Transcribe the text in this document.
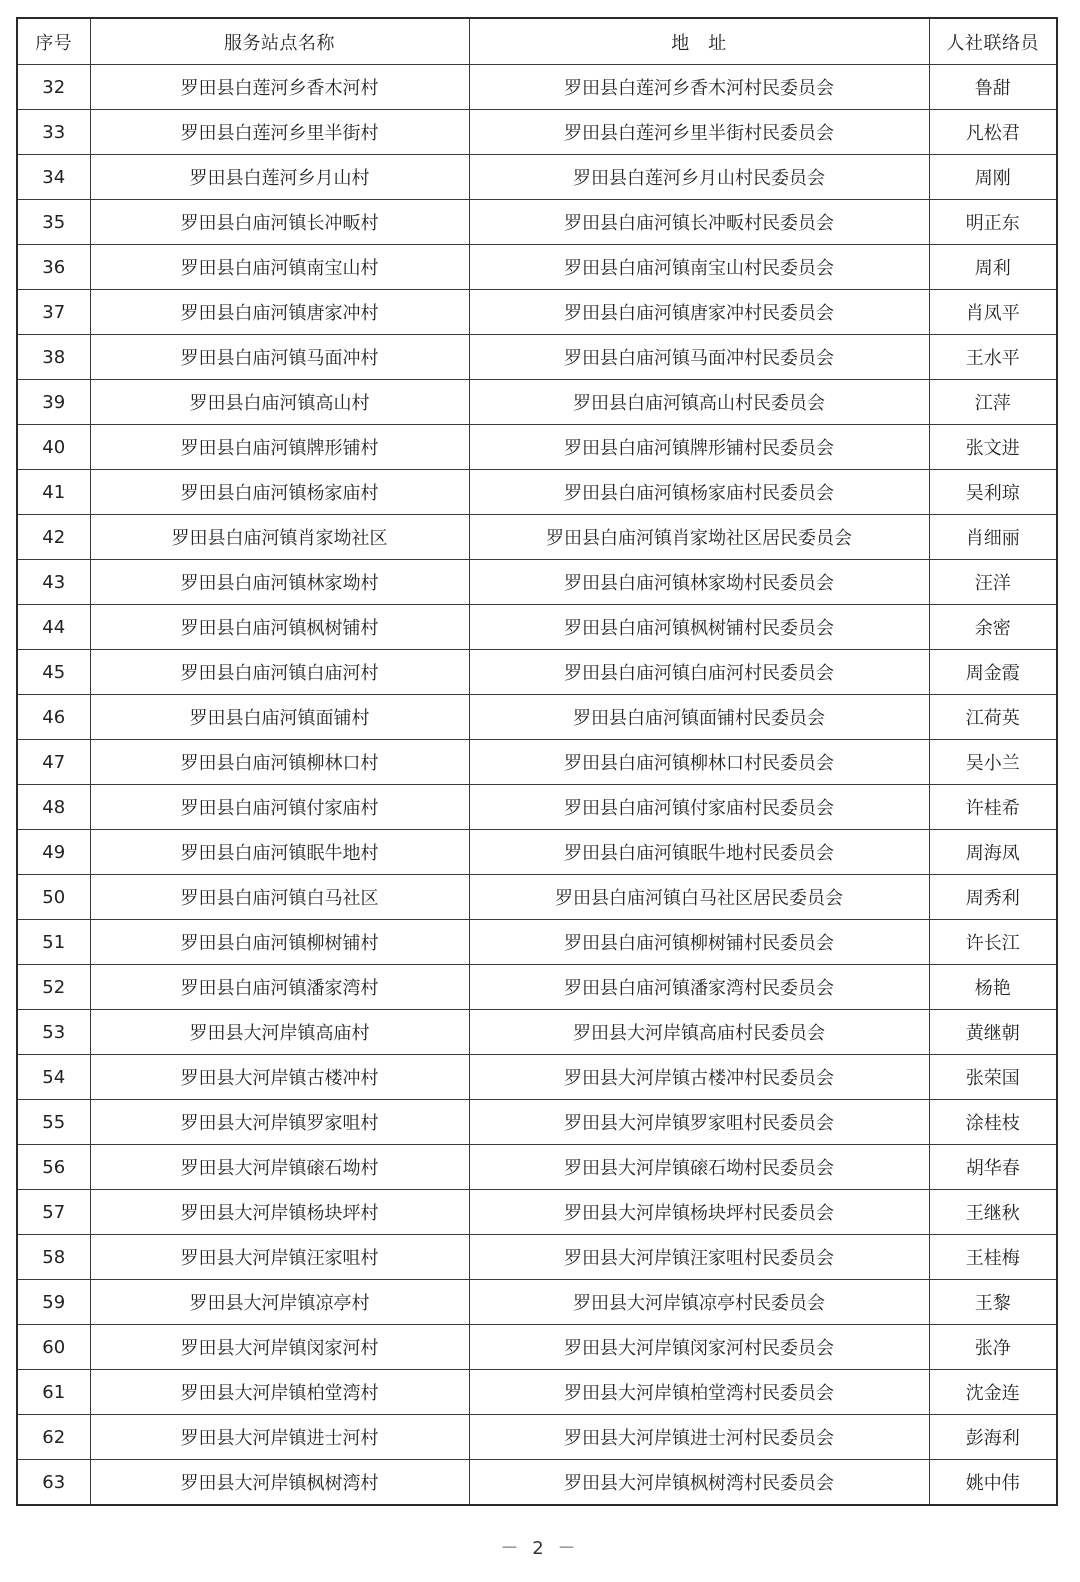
序号	服务站点名称	地　址	人社联络员
32	罗田县白莲河乡香木河村	罗田县白莲河乡香木河村民委员会	鲁甜
33	罗田县白莲河乡里半街村	罗田县白莲河乡里半街村民委员会	凡松君
34	罗田县白莲河乡月山村	罗田县白莲河乡月山村民委员会	周刚
35	罗田县白庙河镇长冲畈村	罗田县白庙河镇长冲畈村民委员会	明正东
36	罗田县白庙河镇南宝山村	罗田县白庙河镇南宝山村民委员会	周利
37	罗田县白庙河镇唐家冲村	罗田县白庙河镇唐家冲村民委员会	肖凤平
38	罗田县白庙河镇马面冲村	罗田县白庙河镇马面冲村民委员会	王水平
39	罗田县白庙河镇高山村	罗田县白庙河镇高山村民委员会	江萍
40	罗田县白庙河镇牌形铺村	罗田县白庙河镇牌形铺村民委员会	张文进
41	罗田县白庙河镇杨家庙村	罗田县白庙河镇杨家庙村民委员会	吴利琼
42	罗田县白庙河镇肖家坳社区	罗田县白庙河镇肖家坳社区居民委员会	肖细丽
43	罗田县白庙河镇林家坳村	罗田县白庙河镇林家坳村民委员会	汪洋
44	罗田县白庙河镇枫树铺村	罗田县白庙河镇枫树铺村民委员会	余密
45	罗田县白庙河镇白庙河村	罗田县白庙河镇白庙河村民委员会	周金霞
46	罗田县白庙河镇面铺村	罗田县白庙河镇面铺村民委员会	江荷英
47	罗田县白庙河镇柳林口村	罗田县白庙河镇柳林口村民委员会	吴小兰
48	罗田县白庙河镇付家庙村	罗田县白庙河镇付家庙村民委员会	许桂希
49	罗田县白庙河镇眠牛地村	罗田县白庙河镇眠牛地村民委员会	周海凤
50	罗田县白庙河镇白马社区	罗田县白庙河镇白马社区居民委员会	周秀利
51	罗田县白庙河镇柳树铺村	罗田县白庙河镇柳树铺村民委员会	许长江
52	罗田县白庙河镇潘家湾村	罗田县白庙河镇潘家湾村民委员会	杨艳
53	罗田县大河岸镇高庙村	罗田县大河岸镇高庙村民委员会	黄继朝
54	罗田县大河岸镇古楼冲村	罗田县大河岸镇古楼冲村民委员会	张荣国
55	罗田县大河岸镇罗家咀村	罗田县大河岸镇罗家咀村民委员会	涂桂枝
56	罗田县大河岸镇磙石坳村	罗田县大河岸镇磙石坳村民委员会	胡华春
57	罗田县大河岸镇杨块坪村	罗田县大河岸镇杨块坪村民委员会	王继秋
58	罗田县大河岸镇汪家咀村	罗田县大河岸镇汪家咀村民委员会	王桂梅
59	罗田县大河岸镇凉亭村	罗田县大河岸镇凉亭村民委员会	王黎
60	罗田县大河岸镇闵家河村	罗田县大河岸镇闵家河村民委员会	张净
61	罗田县大河岸镇柏堂湾村	罗田县大河岸镇柏堂湾村民委员会	沈金连
62	罗田县大河岸镇进士河村	罗田县大河岸镇进士河村民委员会	彭海利
63	罗田县大河岸镇枫树湾村	罗田县大河岸镇枫树湾村民委员会	姚中伟
－ 2 －
